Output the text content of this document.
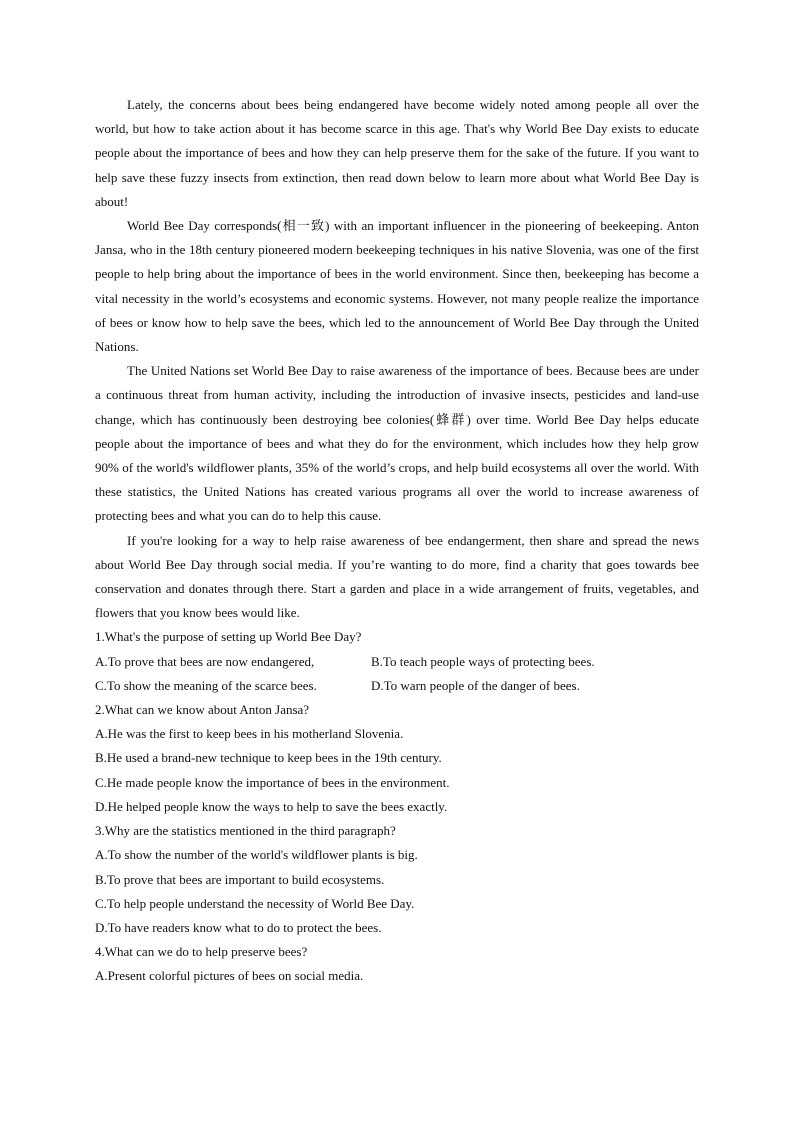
Lately, the concerns about bees being endangered have become widely noted among people all over the world, but how to take action about it has become scarce in this age. That's why World Bee Day exists to educate people about the importance of bees and how they can help preserve them for the sake of the future. If you want to help save these fuzzy insects from extinction, then read down below to learn more about what World Bee Day is about!

World Bee Day corresponds(相一致) with an important influencer in the pioneering of beekeeping. Anton Jansa, who in the 18th century pioneered modern beekeeping techniques in his native Slovenia, was one of the first people to help bring about the importance of bees in the world environment. Since then, beekeeping has become a vital necessity in the world’s ecosystems and economic systems. However, not many people realize the importance of bees or know how to help save the bees, which led to the announcement of World Bee Day through the United Nations.

The United Nations set World Bee Day to raise awareness of the importance of bees. Because bees are under a continuous threat from human activity, including the introduction of invasive insects, pesticides and land-use change, which has continuously been destroying bee colonies(蜂群) over time. World Bee Day helps educate people about the importance of bees and what they do for the environment, which includes how they help grow 90% of the world's wildflower plants, 35% of the world’s crops, and help build ecosystems all over the world. With these statistics, the United Nations has created various programs all over the world to increase awareness of protecting bees and what you can do to help this cause.

If you're looking for a way to help raise awareness of bee endangerment, then share and spread the news about World Bee Day through social media. If you’re wanting to do more, find a charity that goes towards bee conservation and donates through there. Start a garden and place in a wide arrangement of fruits, vegetables, and flowers that you know bees would like.

1.What's the purpose of setting up World Bee Day?

A.To prove that bees are now endangered,	B.To teach people ways of protecting bees.
C.To show the meaning of the scarce bees.	D.To warn people of the danger of bees.

2.What can we know about Anton Jansa?

A.He was the first to keep bees in his motherland Slovenia.

B.He used a brand-new technique to keep bees in the 19th century.

C.He made people know the importance of bees in the environment.

D.He helped people know the ways to help to save the bees exactly.

3.Why are the statistics mentioned in the third paragraph?

A.To show the number of the world's wildflower plants is big.

B.To prove that bees are important to build ecosystems.

C.To help people understand the necessity of World Bee Day.

D.To have readers know what to do to protect the bees.

4.What can we do to help preserve bees?

A.Present colorful pictures of bees on social media.
